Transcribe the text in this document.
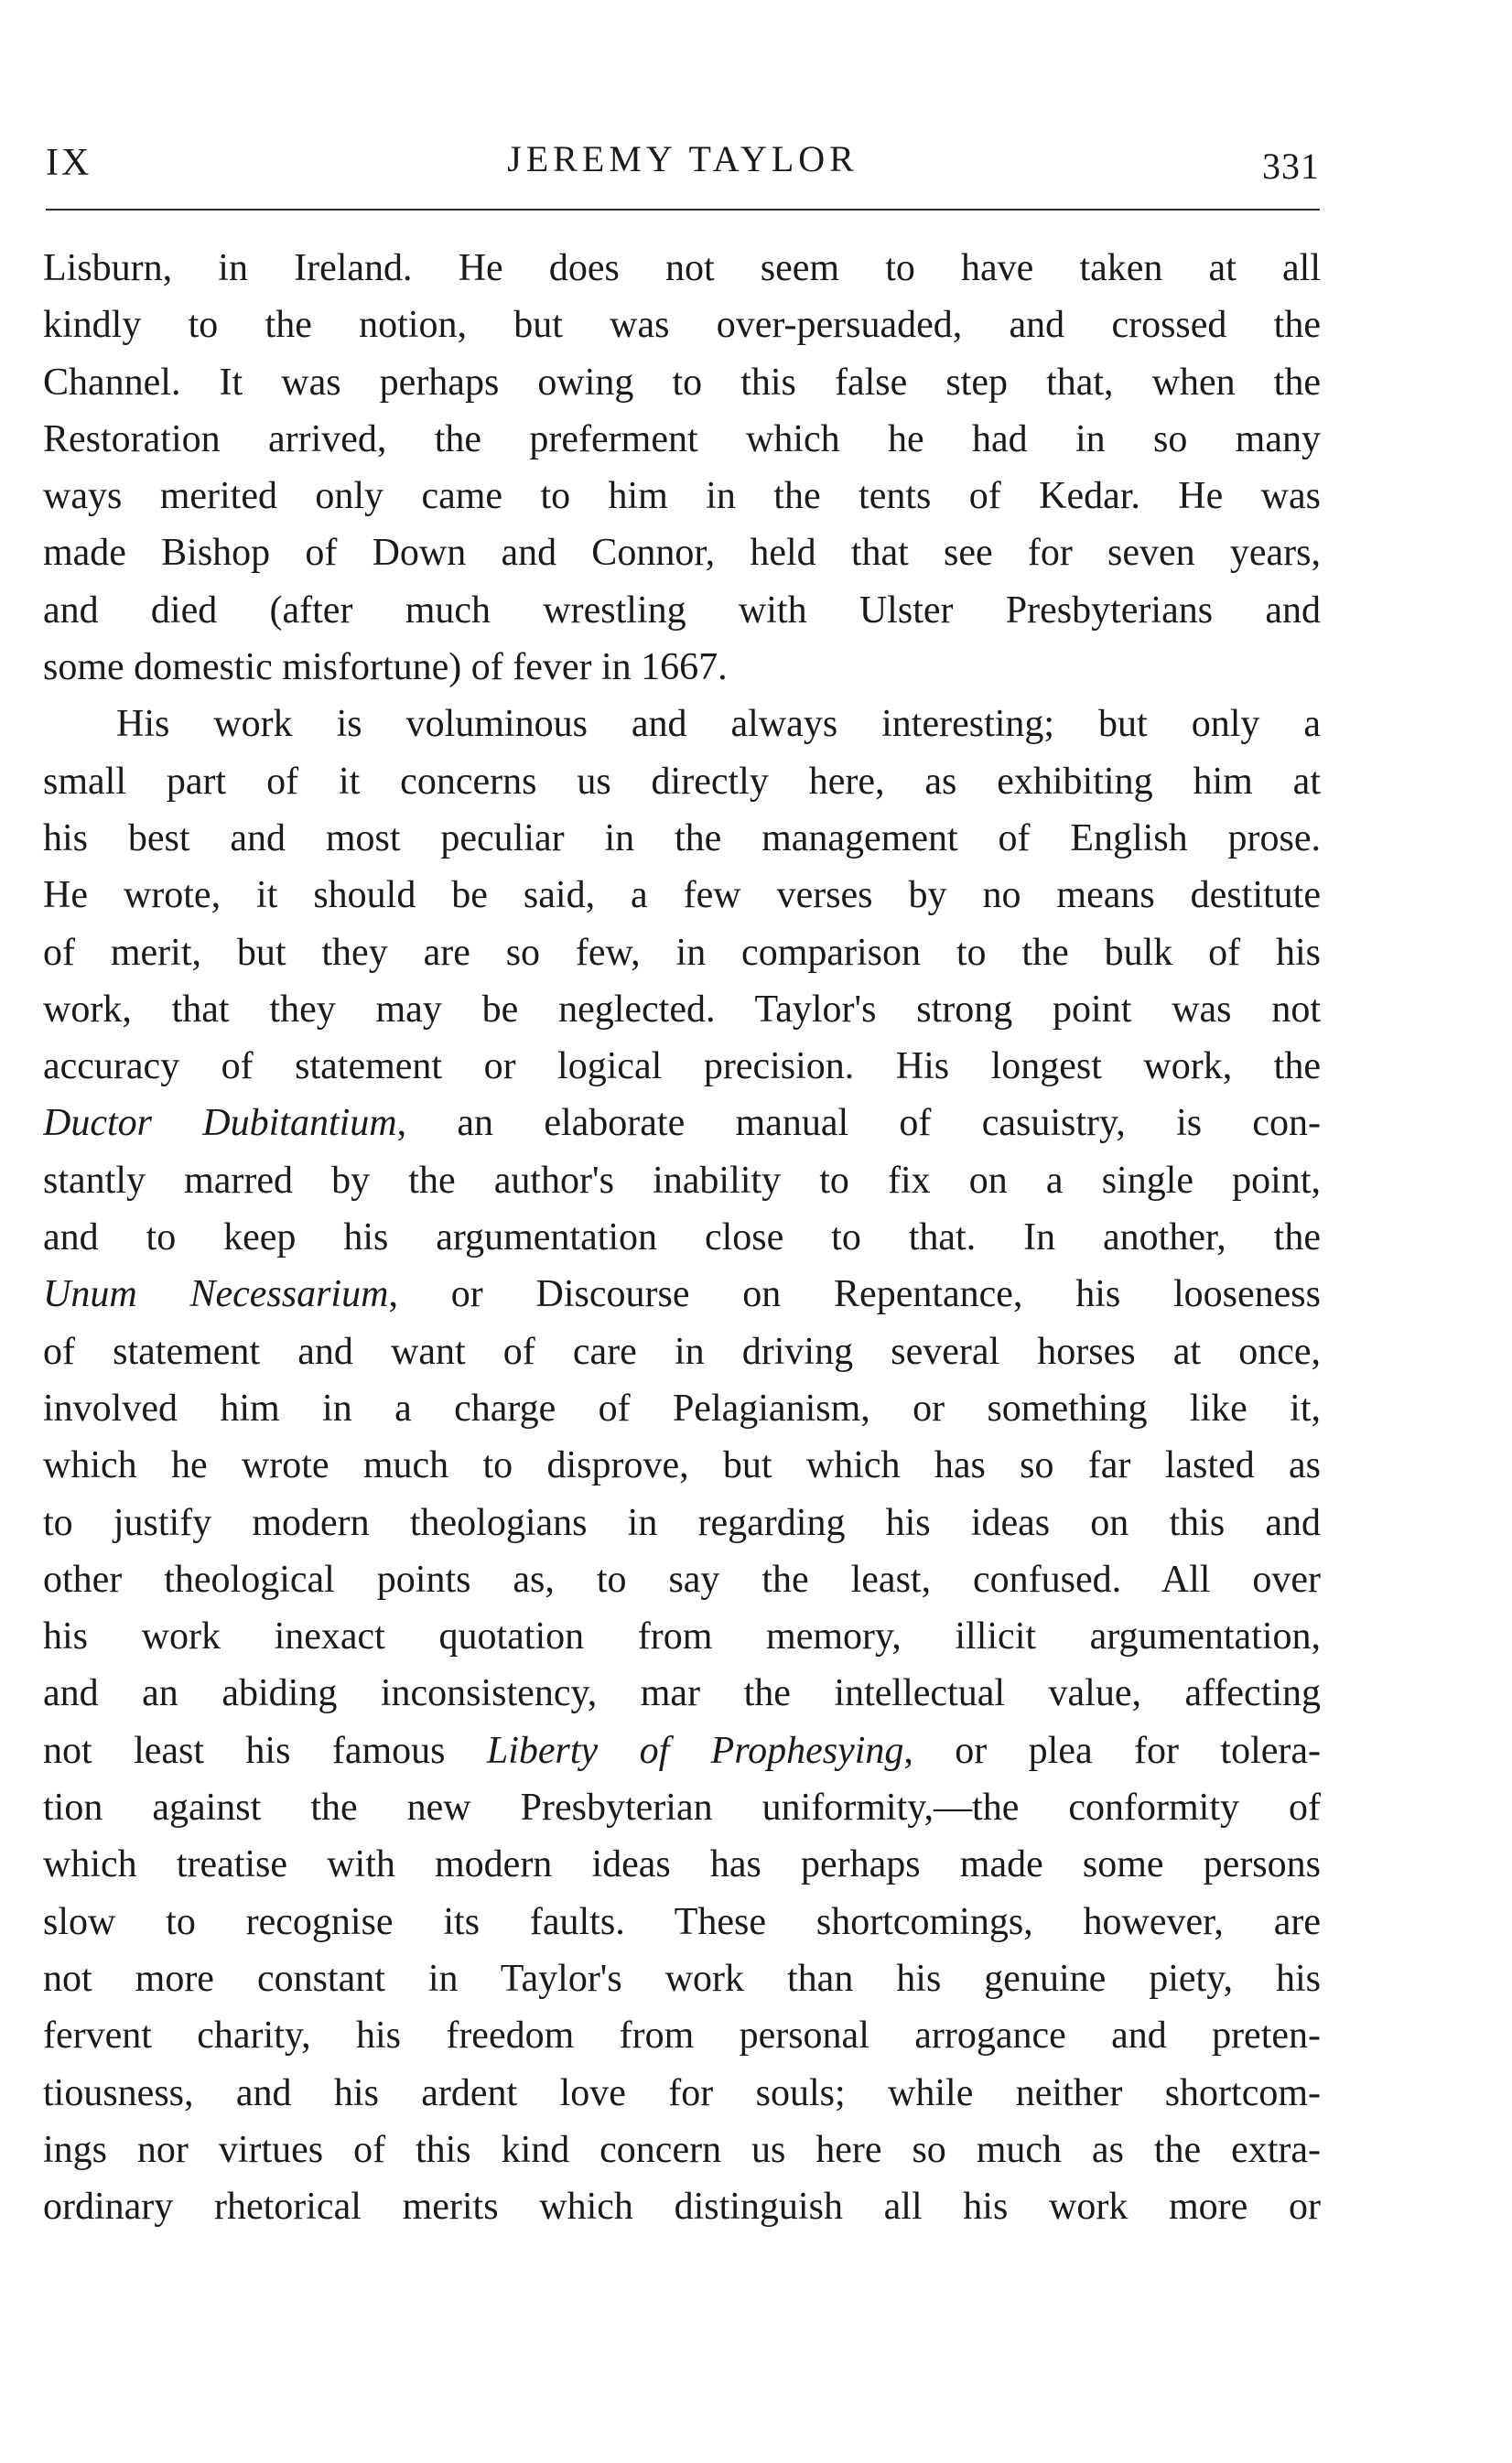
IX	JEREMY TAYLOR	331
Lisburn, in Ireland. He does not seem to have taken at all
kindly to the notion, but was over-persuaded, and crossed the
Channel. It was perhaps owing to this false step that, when the
Restoration arrived, the preferment which he had in so many
ways merited only came to him in the tents of Kedar. He was
made Bishop of Down and Connor, held that see for seven years,
and died (after much wrestling with Ulster Presbyterians and
some domestic misfortune) of fever in 1667.
His work is voluminous and always interesting; but only a
small part of it concerns us directly here, as exhibiting him at
his best and most peculiar in the management of English prose.
He wrote, it should be said, a few verses by no means destitute
of merit, but they are so few, in comparison to the bulk of his
work, that they may be neglected. Taylor's strong point was not
accuracy of statement or logical precision. His longest work, the
Ductor Dubitantium, an elaborate manual of casuistry, is con-
stantly marred by the author's inability to fix on a single point,
and to keep his argumentation close to that. In another, the
Unum Necessarium, or Discourse on Repentance, his looseness
of statement and want of care in driving several horses at once,
involved him in a charge of Pelagianism, or something like it,
which he wrote much to disprove, but which has so far lasted as
to justify modern theologians in regarding his ideas on this and
other theological points as, to say the least, confused. All over
his work inexact quotation from memory, illicit argumentation,
and an abiding inconsistency, mar the intellectual value, affecting
not least his famous Liberty of Prophesying, or plea for tolera-
tion against the new Presbyterian uniformity,—the conformity of
which treatise with modern ideas has perhaps made some persons
slow to recognise its faults. These shortcomings, however, are
not more constant in Taylor's work than his genuine piety, his
fervent charity, his freedom from personal arrogance and preten-
tiousness, and his ardent love for souls; while neither shortcom-
ings nor virtues of this kind concern us here so much as the extra-
ordinary rhetorical merits which distinguish all his work more or
